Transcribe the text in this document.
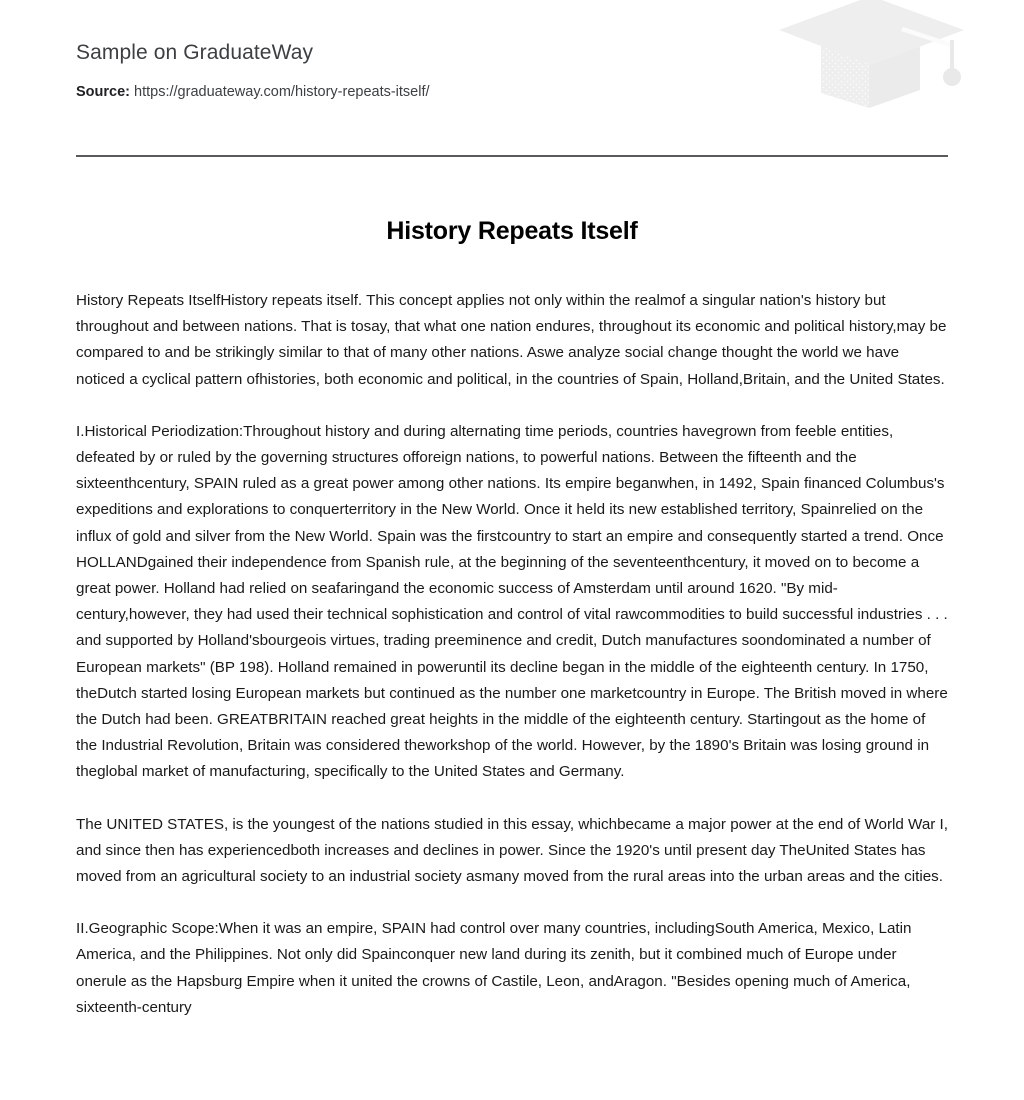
Sample on GraduateWay

Source: https://graduateway.com/history-repeats-itself/

History Repeats Itself

History Repeats ItselfHistory repeats itself. This concept applies not only within the realmof a singular nation's history but throughout and between nations. That is tosay, that what one nation endures, throughout its economic and political history,may be compared to and be strikingly similar to that of many other nations. Aswe analyze social change thought the world we have noticed a cyclical pattern ofhistories, both economic and political, in the countries of Spain, Holland,Britain, and the United States.

I.Historical Periodization:Throughout history and during alternating time periods, countries havegrown from feeble entities, defeated by or ruled by the governing structures offoreign nations, to powerful nations. Between the fifteenth and the sixteenthcentury, SPAIN ruled as a great power among other nations. Its empire beganwhen, in 1492, Spain financed Columbus's expeditions and explorations to conquerterritory in the New World. Once it held its new established territory, Spainrelied on the influx of gold and silver from the New World. Spain was the firstcountry to start an empire and consequently started a trend. Once HOLLANDgained their independence from Spanish rule, at the beginning of the seventeenthcentury, it moved on to become a great power. Holland had relied on seafaringand the economic success of Amsterdam until around 1620. "By mid-century,however, they had used their technical sophistication and control of vital rawcommodities to build successful industries . . . and supported by Holland'sbourgeois virtues, trading preeminence and credit, Dutch manufactures soondominated a number of European markets" (BP 198). Holland remained in poweruntil its decline began in the middle of the eighteenth century. In 1750, theDutch started losing European markets but continued as the number one marketcountry in Europe. The British moved in where the Dutch had been. GREATBRITAIN reached great heights in the middle of the eighteenth century. Startingout as the home of the Industrial Revolution, Britain was considered theworkshop of the world. However, by the 1890's Britain was losing ground in theglobal market of manufacturing, specifically to the United States and Germany.

The UNITED STATES, is the youngest of the nations studied in this essay, whichbecame a major power at the end of World War I, and since then has experiencedboth increases and declines in power. Since the 1920's until present day TheUnited States has moved from an agricultural society to an industrial society asmany moved from the rural areas into the urban areas and the cities.

II.Geographic Scope:When it was an empire, SPAIN had control over many countries, includingSouth America, Mexico, Latin America, and the Philippines. Not only did Spainconquer new land during its zenith, but it combined much of Europe under onerule as the Hapsburg Empire when it united the crowns of Castile, Leon, andAragon. "Besides opening much of America, sixteenth-century
